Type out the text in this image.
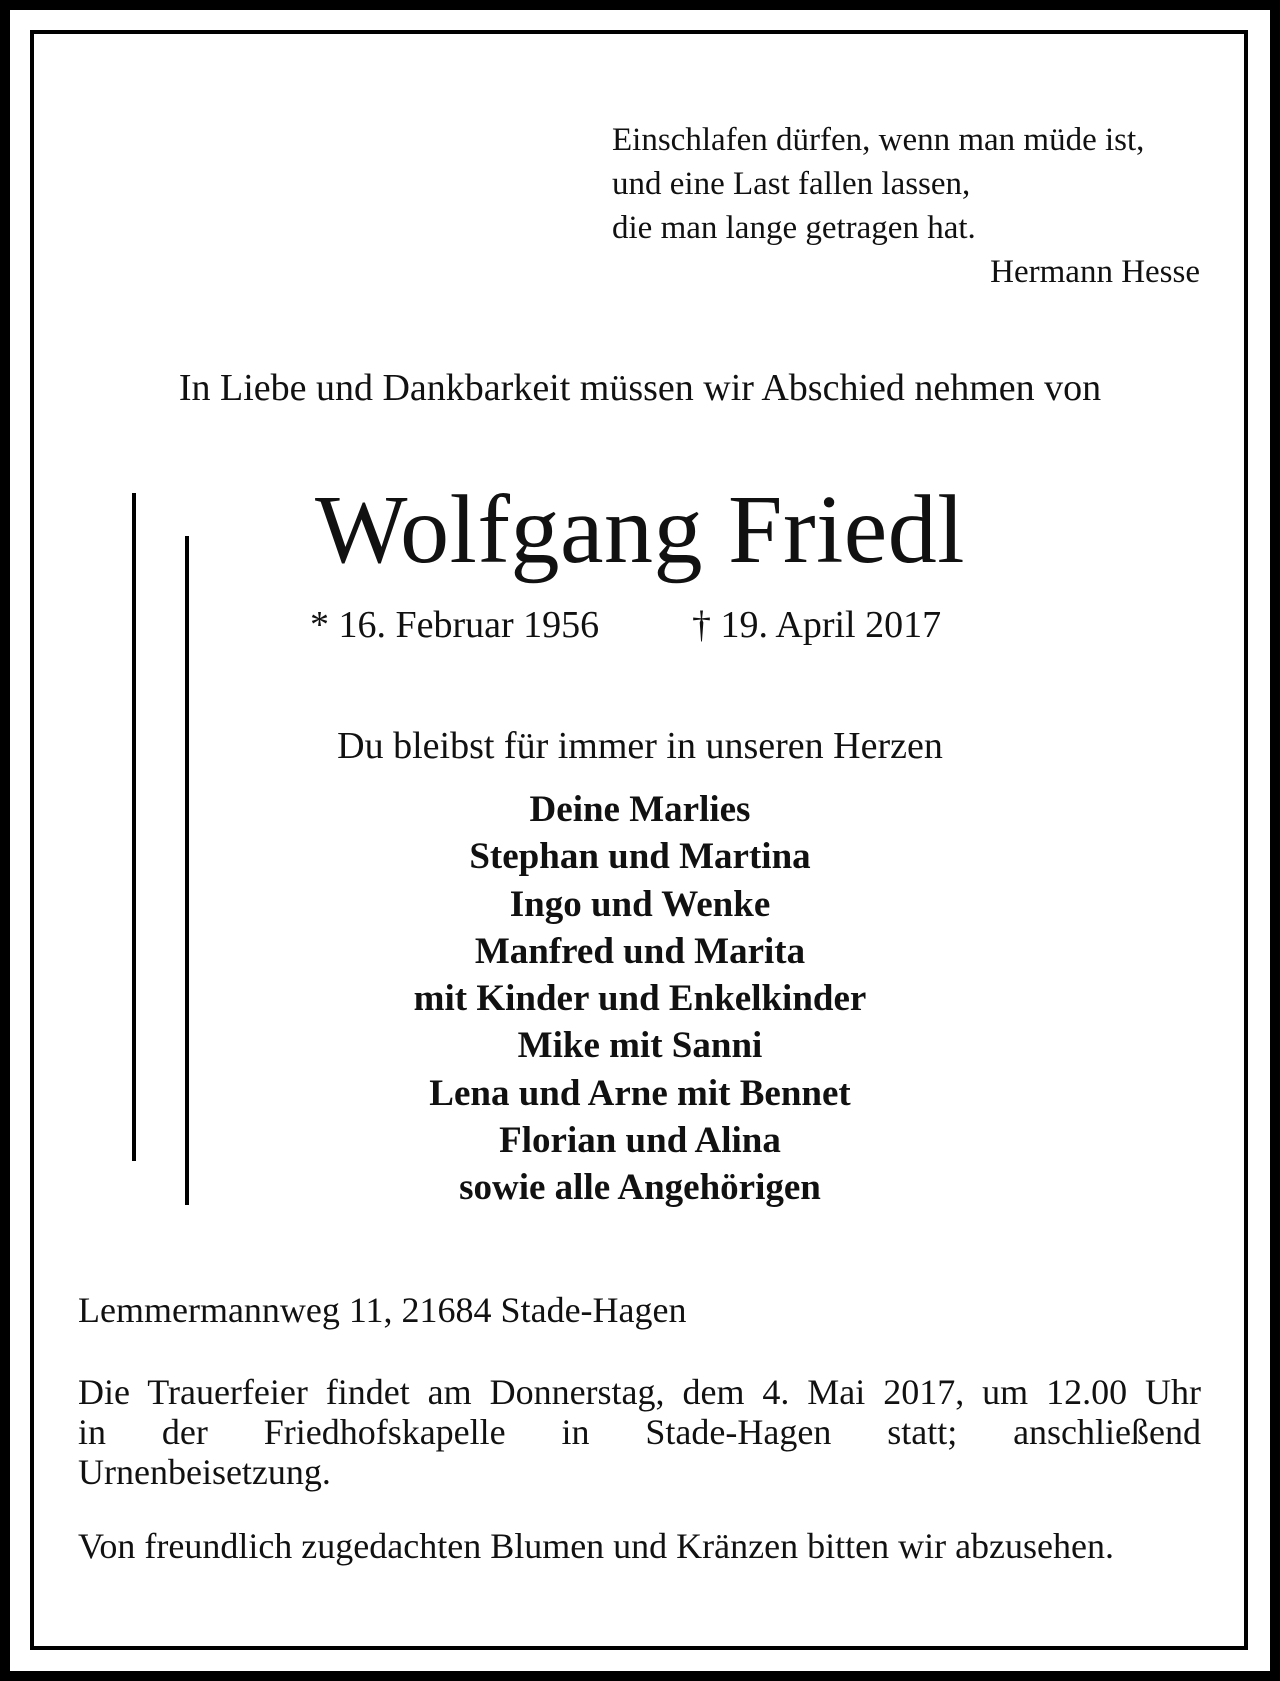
Einschlafen dürfen, wenn man müde ist,
und eine Last fallen lassen,
die man lange getragen hat.
Hermann Hesse
In Liebe und Dankbarkeit müssen wir Abschied nehmen von
Wolfgang Friedl
* 16. Februar 1956 † 19. April 2017
Du bleibst für immer in unseren Herzen
Deine Marlies
Stephan und Martina
Ingo und Wenke
Manfred und Marita
mit Kinder und Enkelkinder
Mike mit Sanni
Lena und Arne mit Bennet
Florian und Alina
sowie alle Angehörigen
Lemmermannweg 11, 21684 Stade-Hagen
Die Trauerfeier findet am Donnerstag, dem 4. Mai 2017, um 12.00 Uhr
in der Friedhofskapelle in Stade-Hagen statt; anschließend
Urnenbeisetzung.
Von freundlich zugedachten Blumen und Kränzen bitten wir abzusehen.
